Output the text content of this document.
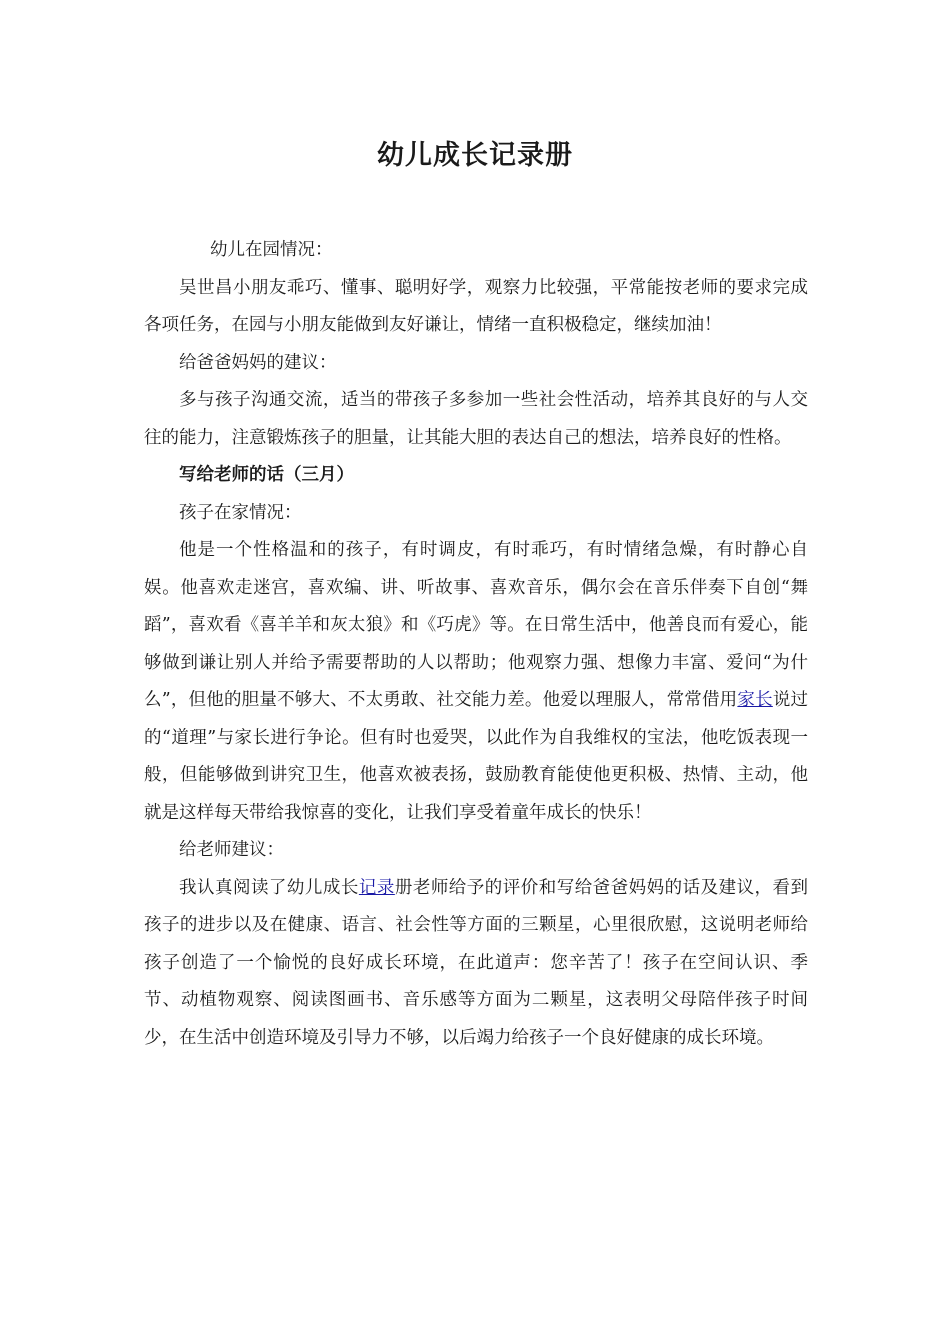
幼儿成长记录册

幼儿在园情况：

吴世昌小朋友乖巧、懂事、聪明好学，观察力比较强，平常能按老师的要求完成各项任务，在园与小朋友能做到友好谦让，情绪一直积极稳定，继续加油！

给爸爸妈妈的建议：

多与孩子沟通交流，适当的带孩子多参加一些社会性活动，培养其良好的与人交往的能力，注意锻炼孩子的胆量，让其能大胆的表达自己的想法，培养良好的性格。

写给老师的话（三月）

孩子在家情况：

他是一个性格温和的孩子，有时调皮，有时乖巧，有时情绪急燥，有时静心自娱。他喜欢走迷宫，喜欢编、讲、听故事、喜欢音乐，偶尔会在音乐伴奏下自创“舞蹈”，喜欢看《喜羊羊和灰太狼》和《巧虎》等。在日常生活中，他善良而有爱心，能够做到谦让别人并给予需要帮助的人以帮助；他观察力强、想像力丰富、爱问“为什么”，但他的胆量不够大、不太勇敢、社交能力差。他爱以理服人，常常借用家长说过的“道理”与家长进行争论。但有时也爱哭，以此作为自我维权的宝法，他吃饭表现一般，但能够做到讲究卫生，他喜欢被表扬，鼓励教育能使他更积极、热情、主动，他就是这样每天带给我惊喜的变化，让我们享受着童年成长的快乐！

给老师建议：

我认真阅读了幼儿成长记录册老师给予的评价和写给爸爸妈妈的话及建议，看到孩子的进步以及在健康、语言、社会性等方面的三颗星，心里很欣慰，这说明老师给孩子创造了一个愉悦的良好成长环境，在此道声：您辛苦了！孩子在空间认识、季节、动植物观察、阅读图画书、音乐感等方面为二颗星，这表明父母陪伴孩子时间少，在生活中创造环境及引导力不够，以后竭力给孩子一个良好健康的成长环境。
